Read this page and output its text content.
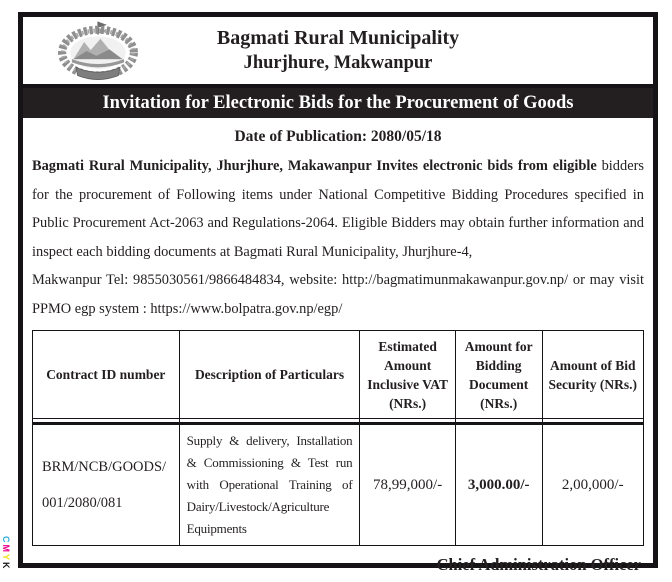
CMYK
Bagmati Rural Municipality
Jhurjhure, Makwanpur
Invitation for Electronic Bids for the Procurement of Goods
Date of Publication: 2080/05/18

Bagmati Rural Municipality, Jhurjhure, Makawanpur Invites electronic bids from eligible bidders for the procurement of Following items under National Competitive Bidding Procedures specified in Public Procurement Act-2063 and Regulations-2064. Eligible Bidders may obtain further information and inspect each bidding documents at Bagmati Rural Municipality, Jhurjhure-4,
Makwanpur Tel: 9855030561/9866484834, website: http://bagmatimunmakawanpur.gov.np/ or may visit PPMO egp system : https://www.bolpatra.gov.np/egp/

Contract ID number	Description of Particulars	Estimated Amount Inclusive VAT (NRs.)	Amount for Bidding Document (NRs.)	Amount of Bid Security (NRs.)

BRM/NCB/GOODS/
001/2080/081	Supply & delivery, Installation & Commissioning & Test run with Operational Training of Dairy/Livestock/Agriculture Equipments	78,99,000/-	3,000.00/-	2,00,000/-
Chief Administration Officer
